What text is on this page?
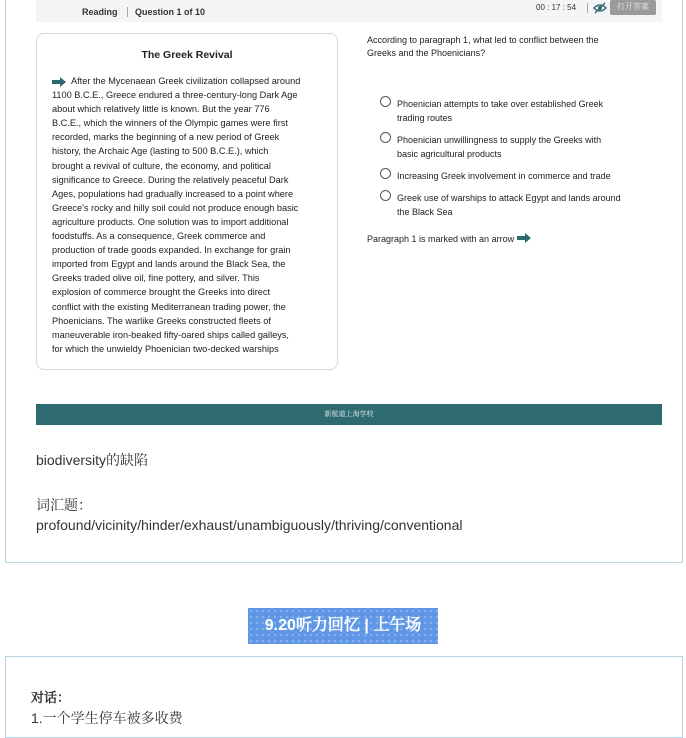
Reading Question 1 of 10	00 : 17 : 54	打开答案
The Greek Revival
After the Mycenaean Greek civilization collapsed around
1100 B.C.E., Greece endured a three-century-long Dark Age
about which relatively little is known. But the year 776
B.C.E., which the winners of the Olympic games were first
recorded, marks the beginning of a new period of Greek
history, the Archaic Age (lasting to 500 B.C.E.), which
brought a revival of culture, the economy, and political
significance to Greece. During the relatively peaceful Dark
Ages, populations had gradually increased to a point where
Greece's rocky and hilly soil could not produce enough basic
agriculture products. One solution was to import additional
foodstuffs. As a consequence, Greek commerce and
production of trade goods expanded. In exchange for grain
imported from Egypt and lands around the Black Sea, the
Greeks traded olive oil, fine pottery, and silver. This
explosion of commerce brought the Greeks into direct
conflict with the existing Mediterranean trading power, the
Phoenicians. The warlike Greeks constructed fleets of
maneuverable iron-beaked fifty-oared ships called galleys,
for which the unwieldy Phoenician two-decked warships
According to paragraph 1, what led to conflict between the
Greeks and the Phoenicians?
Phoenician attempts to take over established Greek
trading routes
Phoenician unwillingness to supply the Greeks with
basic agricultural products
Increasing Greek involvement in commerce and trade
Greek use of warships to attack Egypt and lands around
the Black Sea
Paragraph 1 is marked with an arrow
新航道上海学校
biodiversity的缺陷
词汇题：
profound/vicinity/hinder/exhaust/unambiguously/thriving/conventional
9.20听力回忆 | 上午场
对话：
1.一个学生停车被多收费
